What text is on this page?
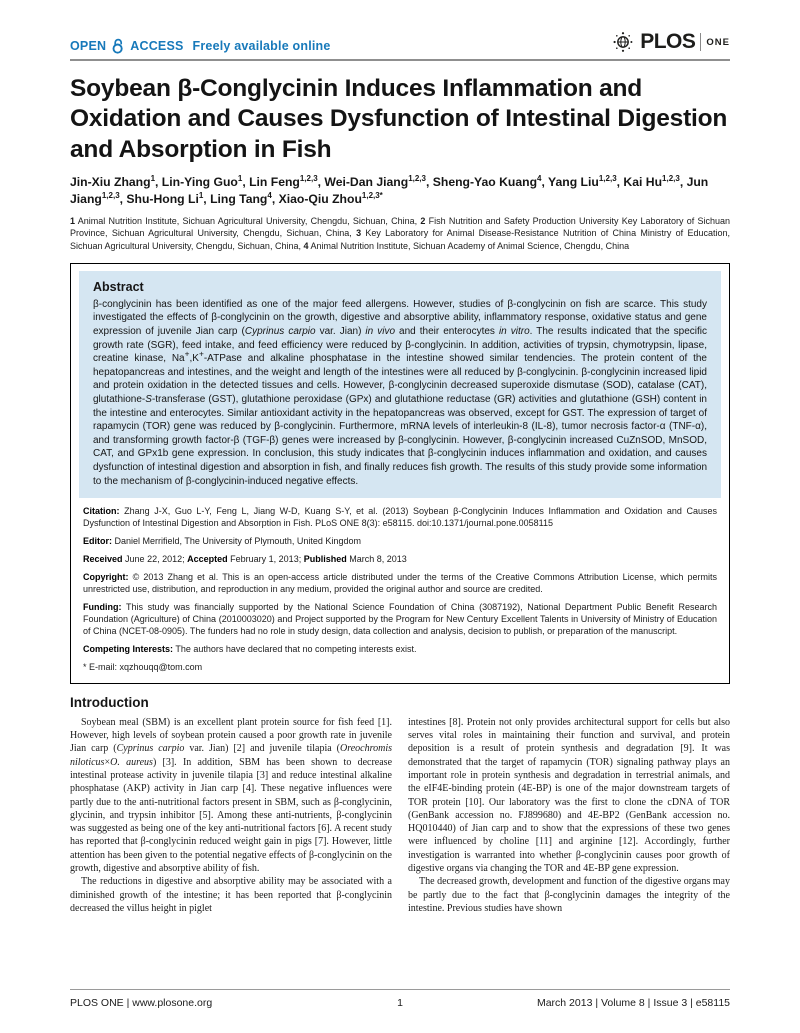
OPEN ACCESS Freely available online	PLOS ONE
Soybean β-Conglycinin Induces Inflammation and Oxidation and Causes Dysfunction of Intestinal Digestion and Absorption in Fish
Jin-Xiu Zhang$^1$, Lin-Ying Guo$^1$, Lin Feng$^{1,2,3}$, Wei-Dan Jiang$^{1,2,3}$, Sheng-Yao Kuang$^4$, Yang Liu$^{1,2,3}$, Kai Hu$^{1,2,3}$, Jun Jiang$^{1,2,3}$, Shu-Hong Li$^1$, Ling Tang$^4$, Xiao-Qiu Zhou$^{1,2,3*}$
1 Animal Nutrition Institute, Sichuan Agricultural University, Chengdu, Sichuan, China, 2 Fish Nutrition and Safety Production University Key Laboratory of Sichuan Province, Sichuan Agricultural University, Chengdu, Sichuan, China, 3 Key Laboratory for Animal Disease-Resistance Nutrition of China Ministry of Education, Sichuan Agricultural University, Chengdu, Sichuan, China, 4 Animal Nutrition Institute, Sichuan Academy of Animal Science, Chengdu, China
Abstract
β-conglycinin has been identified as one of the major feed allergens. However, studies of β-conglycinin on fish are scarce. This study investigated the effects of β-conglycinin on the growth, digestive and absorptive ability, inflammatory response, oxidative status and gene expression of juvenile Jian carp (Cyprinus carpio var. Jian) in vivo and their enterocytes in vitro. The results indicated that the specific growth rate (SGR), feed intake, and feed efficiency were reduced by β-conglycinin. In addition, activities of trypsin, chymotrypsin, lipase, creatine kinase, Na+,K+-ATPase and alkaline phosphatase in the intestine showed similar tendencies. The protein content of the hepatopancreas and intestines, and the weight and length of the intestines were all reduced by β-conglycinin. β-conglycinin increased lipid and protein oxidation in the detected tissues and cells. However, β-conglycinin decreased superoxide dismutase (SOD), catalase (CAT), glutathione-S-transferase (GST), glutathione peroxidase (GPx) and glutathione reductase (GR) activities and glutathione (GSH) content in the intestine and enterocytes. Similar antioxidant activity in the hepatopancreas was observed, except for GST. The expression of target of rapamycin (TOR) gene was reduced by β-conglycinin. Furthermore, mRNA levels of interleukin-8 (IL-8), tumor necrosis factor-α (TNF-α), and transforming growth factor-β (TGF-β) genes were increased by β-conglycinin. However, β-conglycinin increased CuZnSOD, MnSOD, CAT, and GPx1b gene expression. In conclusion, this study indicates that β-conglycinin induces inflammation and oxidation, and causes dysfunction of intestinal digestion and absorption in fish, and finally reduces fish growth. The results of this study provide some information to the mechanism of β-conglycinin-induced negative effects.

Citation: Zhang J-X, Guo L-Y, Feng L, Jiang W-D, Kuang S-Y, et al. (2013) Soybean β-Conglycinin Induces Inflammation and Oxidation and Causes Dysfunction of Intestinal Digestion and Absorption in Fish. PLoS ONE 8(3): e58115. doi:10.1371/journal.pone.0058115

Editor: Daniel Merrifield, The University of Plymouth, United Kingdom

Received June 22, 2012; Accepted February 1, 2013; Published March 8, 2013

Copyright: © 2013 Zhang et al. This is an open-access article distributed under the terms of the Creative Commons Attribution License, which permits unrestricted use, distribution, and reproduction in any medium, provided the original author and source are credited.

Funding: This study was financially supported by the National Science Foundation of China (3087192), National Department Public Benefit Research Foundation (Agriculture) of China (2010003020) and Project supported by the Program for New Century Excellent Talents in University of Ministry of Education of China (NCET-08-0905). The funders had no role in study design, data collection and analysis, decision to publish, or preparation of the manuscript.

Competing Interests: The authors have declared that no competing interests exist.

* E-mail: xqzhouqq@tom.com

Introduction

Soybean meal (SBM) is an excellent plant protein source for fish feed [1]. However, high levels of soybean protein caused a poor growth rate in juvenile Jian carp (Cyprinus carpio var. Jian) [2] and juvenile tilapia (Oreochromis niloticus×O. aureus) [3]. In addition, SBM has been shown to decrease intestinal protease activity in juvenile tilapia [3] and reduce intestinal alkaline phosphatase (AKP) activity in Jian carp [4]. These negative influences were partly due to the anti-nutritional factors present in SBM, such as β-conglycinin, glycinin, and trypsin inhibitor [5]. Among these anti-nutrients, β-conglycinin was suggested as being one of the key anti-nutritional factors [6]. A recent study has reported that β-conglycinin reduced weight gain in pigs [7]. However, little attention has been given to the potential negative effects of β-conglycinin on the growth, digestive and absorptive ability of fish.

The reductions in digestive and absorptive ability may be associated with a diminished growth of the intestine; it has been reported that β-conglycinin decreased the villus height in piglet

intestines [8]. Protein not only provides architectural support for cells but also serves vital roles in maintaining their function and survival, and protein deposition is a result of protein synthesis and degradation [9]. It was demonstrated that the target of rapamycin (TOR) signaling pathway plays an important role in protein synthesis and degradation in terrestrial animals, and the eIF4E-binding protein (4E-BP) is one of the major downstream targets of TOR protein [10]. Our laboratory was the first to clone the cDNA of TOR (GenBank accession no. FJ899680) and 4E-BP2 (GenBank accession no. HQ010440) of Jian carp and to show that the expressions of these two genes were influenced by choline [11] and arginine [12]. Accordingly, further investigation is warranted into whether β-conglycinin causes poor growth of digestive organs via changing the TOR and 4E-BP gene expression.

The decreased growth, development and function of the digestive organs may be partly due to the fact that β-conglycinin damages the integrity of the intestine. Previous studies have shown

PLOS ONE | www.plosone.org	1	March 2013 | Volume 8 | Issue 3 | e58115
